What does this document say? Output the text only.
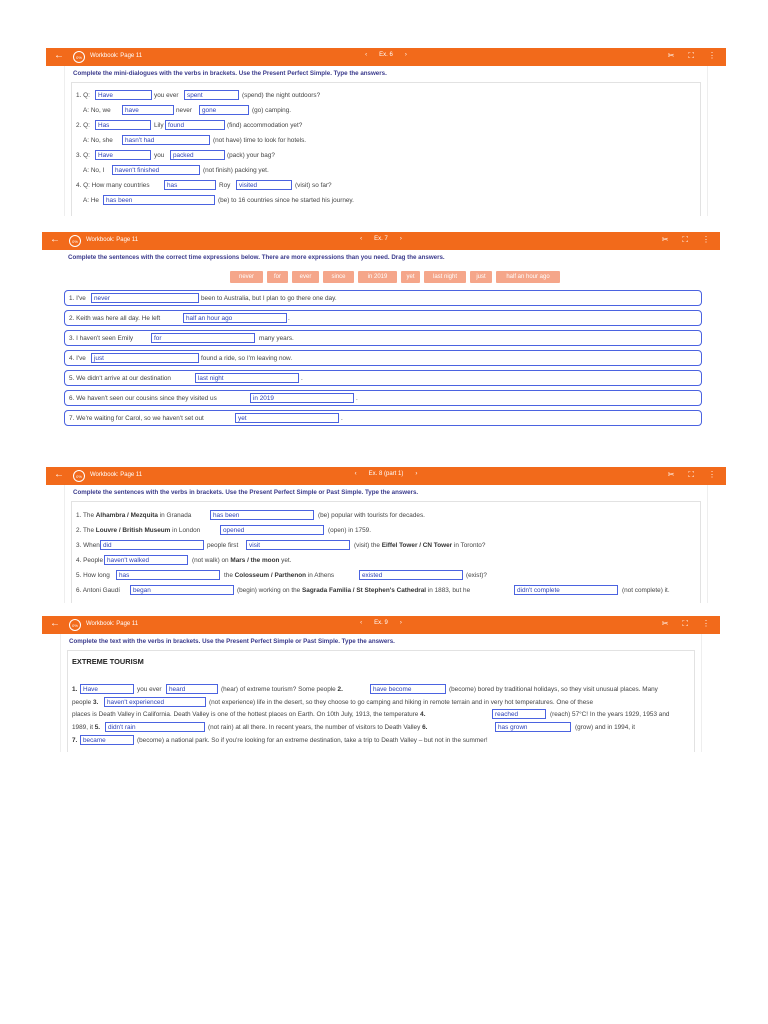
←	0%	Workbook: Page 11	‹ Ex. 6 ›	✂ ⛶ ⋮
Complete the mini-dialogues with the verbs in brackets. Use the Present Perfect Simple. Type the answers.
1. Q:	Have	you ever	spent	(spend) the night outdoors?
A: No, we	have	never	gone	(go) camping.
2. Q:	Has	Lily found	(find) accommodation yet?
A: No, she	hasn't had	(not have) time to look for hotels.
3. Q:	Have	you	packed	(pack) your bag?
A: No, I	haven't finished	(not finish) packing yet.
4. Q: How many countries	has	Roy	visited	(visit) so far?
A: He	has been	(be) to 16 countries since he started his journey.
←	0%	Workbook: Page 11	‹ Ex. 7 ›	✂ ⛶ ⋮
Complete the sentences with the correct time expressions below. There are more expressions than you need. Drag the answers.
never	for	ever	since	in 2019	yet	last night	just	half an hour ago
1. I've	never	been to Australia, but I plan to go there one day.
2. Keith was here all day. He left	half an hour ago	.
3. I haven't seen Emily	for	many years.
4. I've	just	found a ride, so I'm leaving now.
5. We didn't arrive at our destination	last night	.
6. We haven't seen our cousins since they visited us	in 2019	.
7. We're waiting for Carol, so we haven't set out	yet	.
←	0%	Workbook: Page 11	‹ Ex. 8 (part 1) ›	✂ ⛶ ⋮
Complete the sentences with the verbs in brackets. Use the Present Perfect Simple or Past Simple. Type the answers.
1. The Alhambra / Mezquita in Granada	has been	(be) popular with tourists for decades.
2. The Louvre / British Museum in London	opened	(open) in 1759.
3. When did	people first	visit	(visit) the Eiffel Tower / CN Tower in Toronto?
4. People haven't walked	(not walk) on Mars / the moon yet.
5. How long	has	the Colosseum / Parthenon in Athens	existed	(exist)?
6. Antoni Gaudí	began	(begin) working on the Sagrada Familia / St Stephen's Cathedral in 1883, but he	didn't complete	(not complete) it.
←	0%	Workbook: Page 11	‹ Ex. 9 ›	✂ ⛶ ⋮
Complete the text with the verbs in brackets. Use the Present Perfect Simple or Past Simple. Type the answers.
EXTREME TOURISM
1. Have	you ever	heard	(hear) of extreme tourism? Some people 2.	have become	(become) bored by traditional holidays, so they visit unusual places. Many
people 3.	haven't experienced	(not experience) life in the desert, so they choose to go camping and hiking in remote terrain and in very hot temperatures. One of these
places is Death Valley in California. Death Valley is one of the hottest places on Earth. On 10th July, 1913, the temperature 4.	reached	(reach) 57°C! In the years 1929, 1953 and
1989, it 5.	didn't rain	(not rain) at all there. In recent years, the number of visitors to Death Valley 6.	has grown	(grow) and in 1994, it
7. became	(become) a national park. So if you're looking for an extreme destination, take a trip to Death Valley – but not in the summer!
